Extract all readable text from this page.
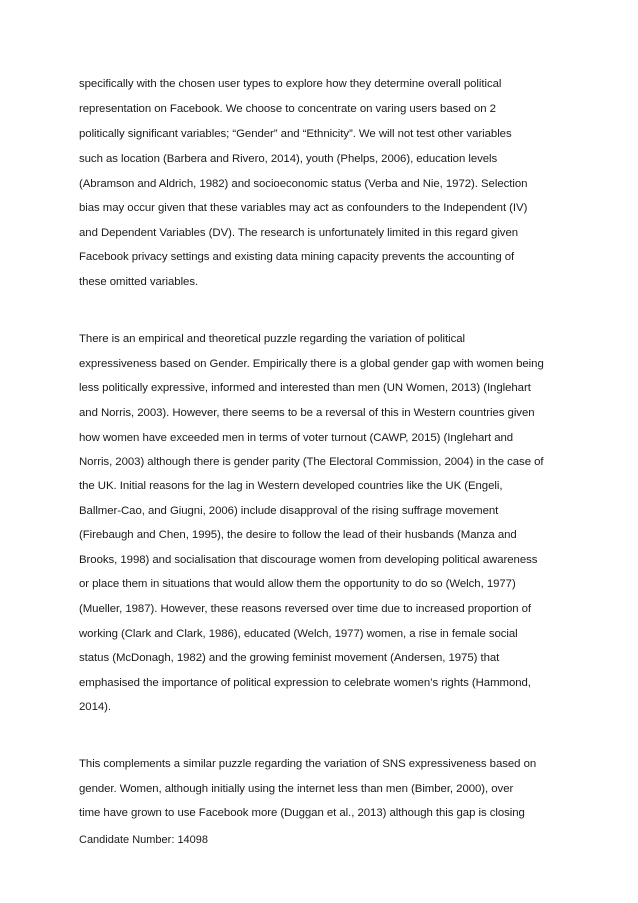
specifically with the chosen user types to explore how they determine overall political
representation on Facebook. We choose to concentrate on varing users based on 2
politically significant variables; “Gender” and “Ethnicity”. We will not test other variables
such as location (Barbera and Rivero, 2014), youth (Phelps, 2006), education levels
(Abramson and Aldrich, 1982) and socioeconomic status (Verba and Nie, 1972). Selection
bias may occur given that these variables may act as confounders to the Independent (IV)
and Dependent Variables (DV). The research is unfortunately limited in this regard given
Facebook privacy settings and existing data mining capacity prevents the accounting of
these omitted variables.
There is an empirical and theoretical puzzle regarding the variation of political
expressiveness based on Gender. Empirically there is a global gender gap with women being
less politically expressive, informed and interested than men (UN Women, 2013) (Inglehart
and Norris, 2003). However, there seems to be a reversal of this in Western countries given
how women have exceeded men in terms of voter turnout (CAWP, 2015) (Inglehart and
Norris, 2003) although there is gender parity (The Electoral Commission, 2004) in the case of
the UK. Initial reasons for the lag in Western developed countries like the UK (Engeli,
Ballmer-Cao, and Giugni, 2006) include disapproval of the rising suffrage movement
(Firebaugh and Chen, 1995), the desire to follow the lead of their husbands (Manza and
Brooks, 1998) and socialisation that discourage women from developing political awareness
or place them in situations that would allow them the opportunity to do so (Welch, 1977)
(Mueller, 1987). However, these reasons reversed over time due to increased proportion of
working (Clark and Clark, 1986), educated (Welch, 1977) women, a rise in female social
status (McDonagh, 1982) and the growing feminist movement (Andersen, 1975) that
emphasised the importance of political expression to celebrate women’s rights (Hammond,
2014).
This complements a similar puzzle regarding the variation of SNS expressiveness based on
gender. Women, although initially using the internet less than men (Bimber, 2000), over
time have grown to use Facebook more (Duggan et al., 2013) although this gap is closing
Candidate Number: 14098
